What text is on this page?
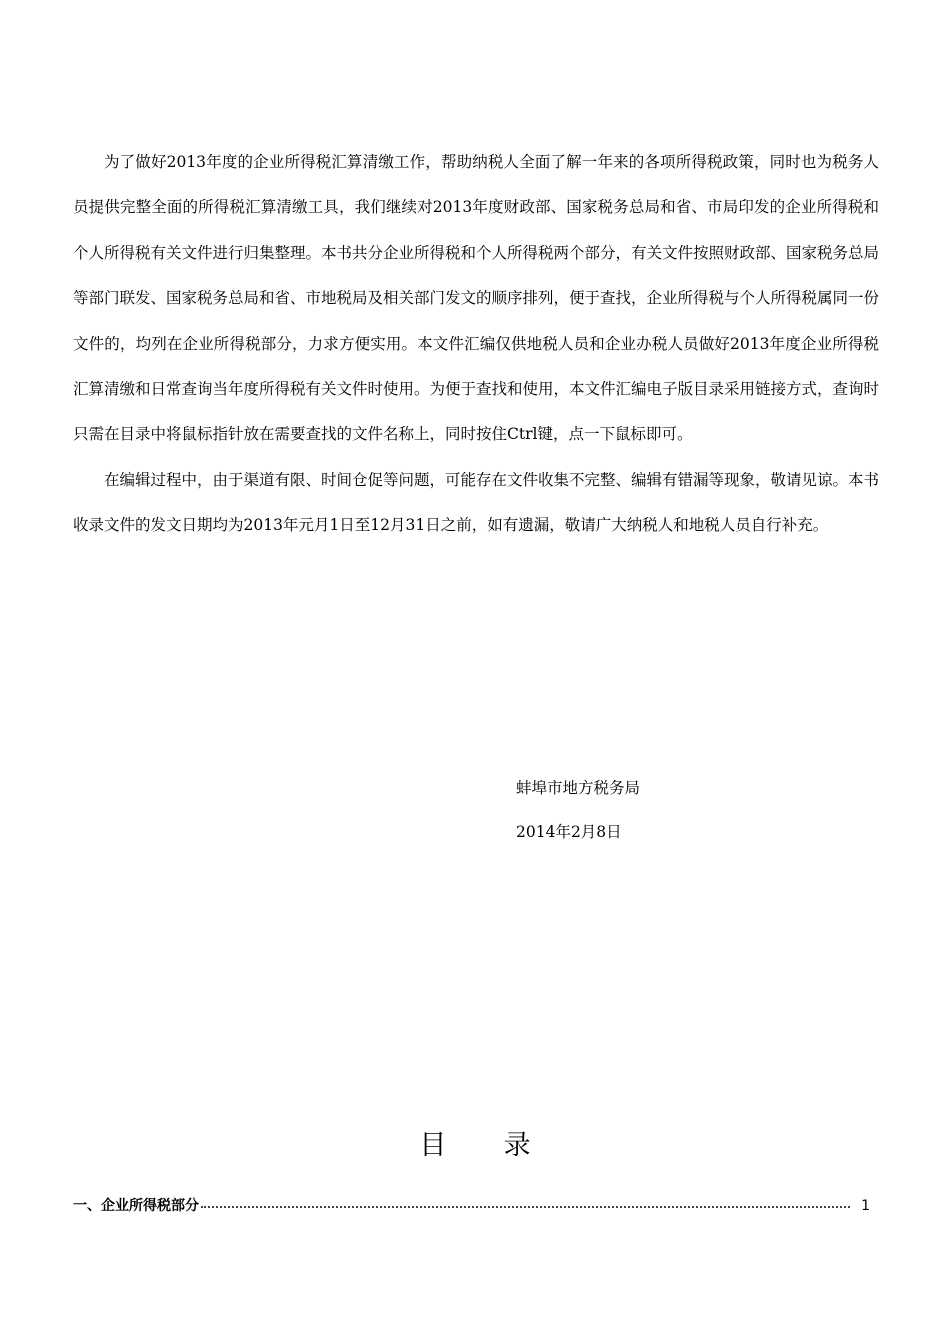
为了做好2013年度的企业所得税汇算清缴工作，帮助纳税人全面了解一年来的各项所得税政策，同时也为税务人员提供完整全面的所得税汇算清缴工具，我们继续对2013年度财政部、国家税务总局和省、市局印发的企业所得税和个人所得税有关文件进行归集整理。本书共分企业所得税和个人所得税两个部分，有关文件按照财政部、国家税务总局等部门联发、国家税务总局和省、市地税局及相关部门发文的顺序排列，便于查找，企业所得税与个人所得税属同一份文件的，均列在企业所得税部分，力求方便实用。本文件汇编仅供地税人员和企业办税人员做好2013年度企业所得税汇算清缴和日常查询当年度所得税有关文件时使用。为便于查找和使用，本文件汇编电子版目录采用链接方式，查询时只需在目录中将鼠标指针放在需要查找的文件名称上，同时按住Ctrl键，点一下鼠标即可。

在编辑过程中，由于渠道有限、时间仓促等问题，可能存在文件收集不完整、编辑有错漏等现象，敬请见谅。本书收录文件的发文日期均为2013年元月1日至12月31日之前，如有遗漏，敬请广大纳税人和地税人员自行补充。

蚌埠市地方税务局
2014年2月8日
目 录
一、企业所得税部分	1
